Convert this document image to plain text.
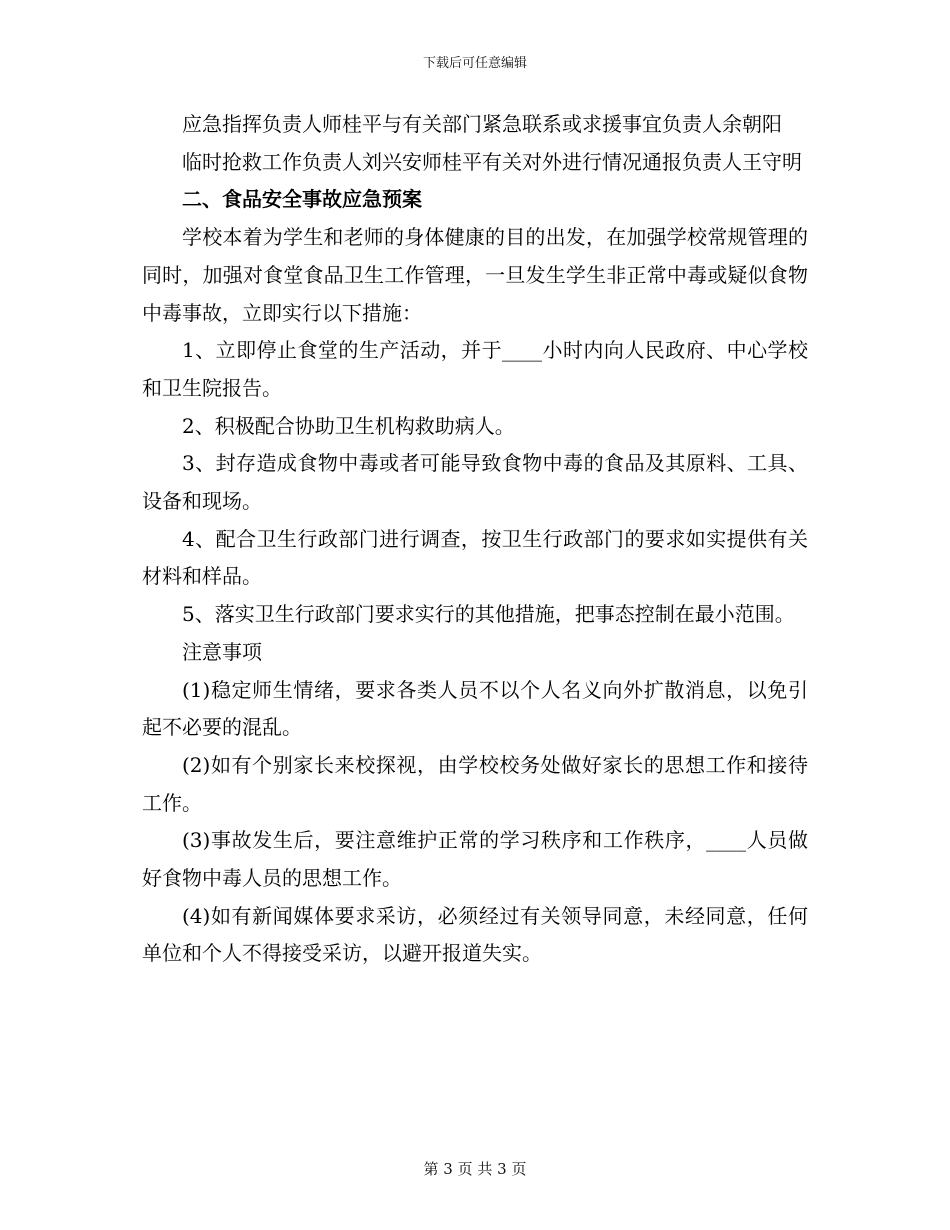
下载后可任意编辑

应急指挥负责人师桂平与有关部门紧急联系或求援事宜负责人余朝阳

临时抢救工作负责人刘兴安师桂平有关对外进行情况通报负责人王守明

二、食品安全事故应急预案

学校本着为学生和老师的身体健康的目的出发，在加强学校常规管理的同时，加强对食堂食品卫生工作管理，一旦发生学生非正常中毒或疑似食物中毒事故，立即实行以下措施：

1、立即停止食堂的生产活动，并于____小时内向人民政府、中心学校和卫生院报告。

2、积极配合协助卫生机构救助病人。

3、封存造成食物中毒或者可能导致食物中毒的食品及其原料、工具、设备和现场。

4、配合卫生行政部门进行调查，按卫生行政部门的要求如实提供有关材料和样品。

5、落实卫生行政部门要求实行的其他措施，把事态控制在最小范围。

注意事项

(1)稳定师生情绪，要求各类人员不以个人名义向外扩散消息，以免引起不必要的混乱。

(2)如有个别家长来校探视，由学校校务处做好家长的思想工作和接待工作。

(3)事故发生后，要注意维护正常的学习秩序和工作秩序，____人员做好食物中毒人员的思想工作。

(4)如有新闻媒体要求采访，必须经过有关领导同意，未经同意，任何单位和个人不得接受采访，以避开报道失实。

第 3 页 共 3 页
